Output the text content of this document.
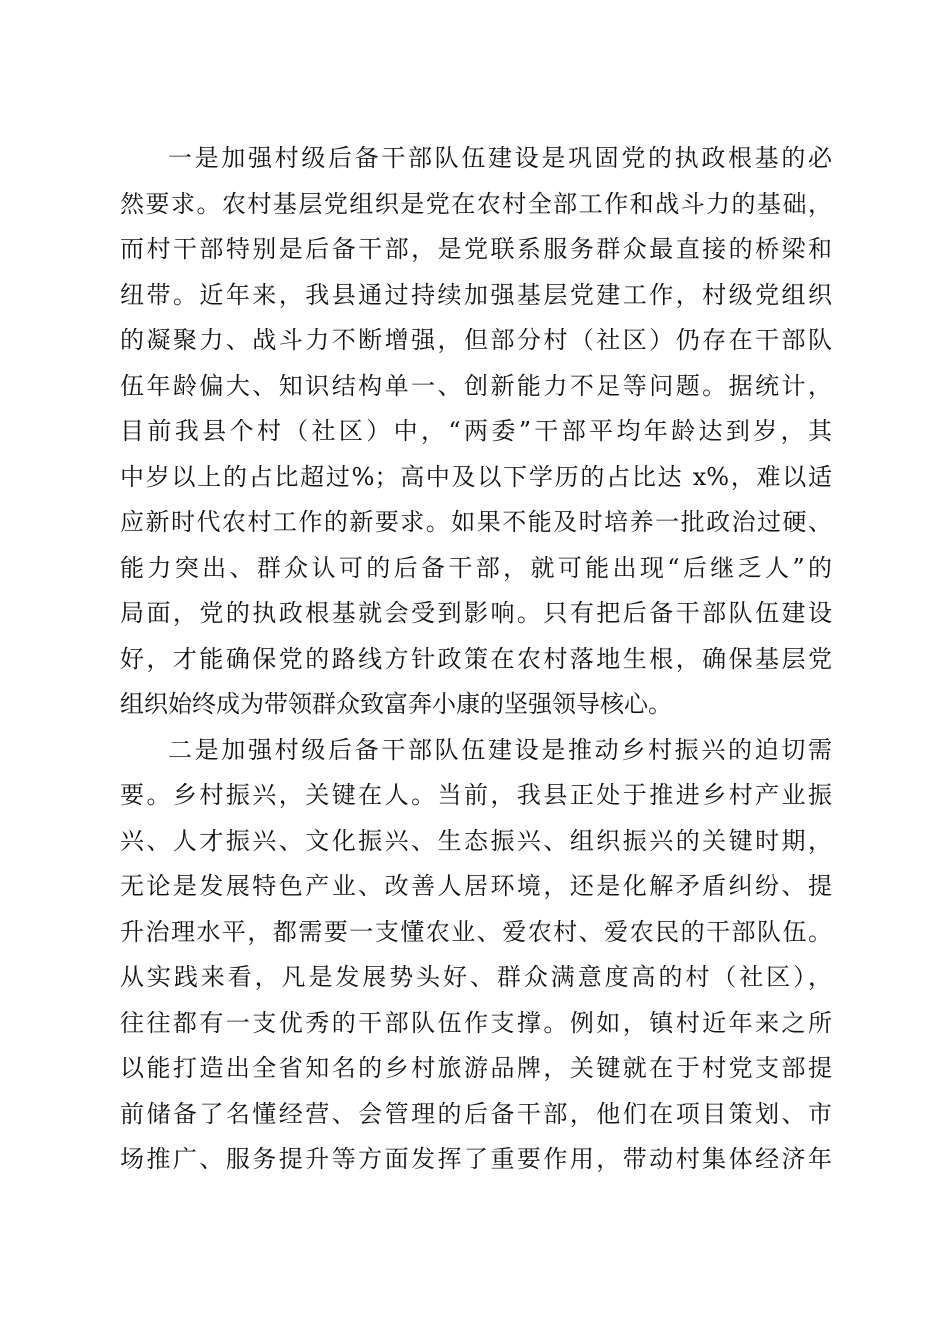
一是加强村级后备干部队伍建设是巩固党的执政根基的必
然要求。农村基层党组织是党在农村全部工作和战斗力的基础，
而村干部特别是后备干部，是党联系服务群众最直接的桥梁和
纽带。近年来，我县通过持续加强基层党建工作，村级党组织
的凝聚力、战斗力不断增强，但部分村（社区）仍存在干部队
伍年龄偏大、知识结构单一、创新能力不足等问题。据统计，
目前我县个村（社区）中，“两委”干部平均年龄达到岁，其
中岁以上的占比超过%；高中及以下学历的占比达 x%，难以适
应新时代农村工作的新要求。如果不能及时培养一批政治过硬、
能力突出、群众认可的后备干部，就可能出现“后继乏人”的
局面，党的执政根基就会受到影响。只有把后备干部队伍建设
好，才能确保党的路线方针政策在农村落地生根，确保基层党
组织始终成为带领群众致富奔小康的坚强领导核心。
二是加强村级后备干部队伍建设是推动乡村振兴的迫切需
要。乡村振兴，关键在人。当前，我县正处于推进乡村产业振
兴、人才振兴、文化振兴、生态振兴、组织振兴的关键时期，
无论是发展特色产业、改善人居环境，还是化解矛盾纠纷、提
升治理水平，都需要一支懂农业、爱农村、爱农民的干部队伍。
从实践来看，凡是发展势头好、群众满意度高的村（社区），
往往都有一支优秀的干部队伍作支撑。例如，镇村近年来之所
以能打造出全省知名的乡村旅游品牌，关键就在于村党支部提
前储备了名懂经营、会管理的后备干部，他们在项目策划、市
场推广、服务提升等方面发挥了重要作用，带动村集体经济年
